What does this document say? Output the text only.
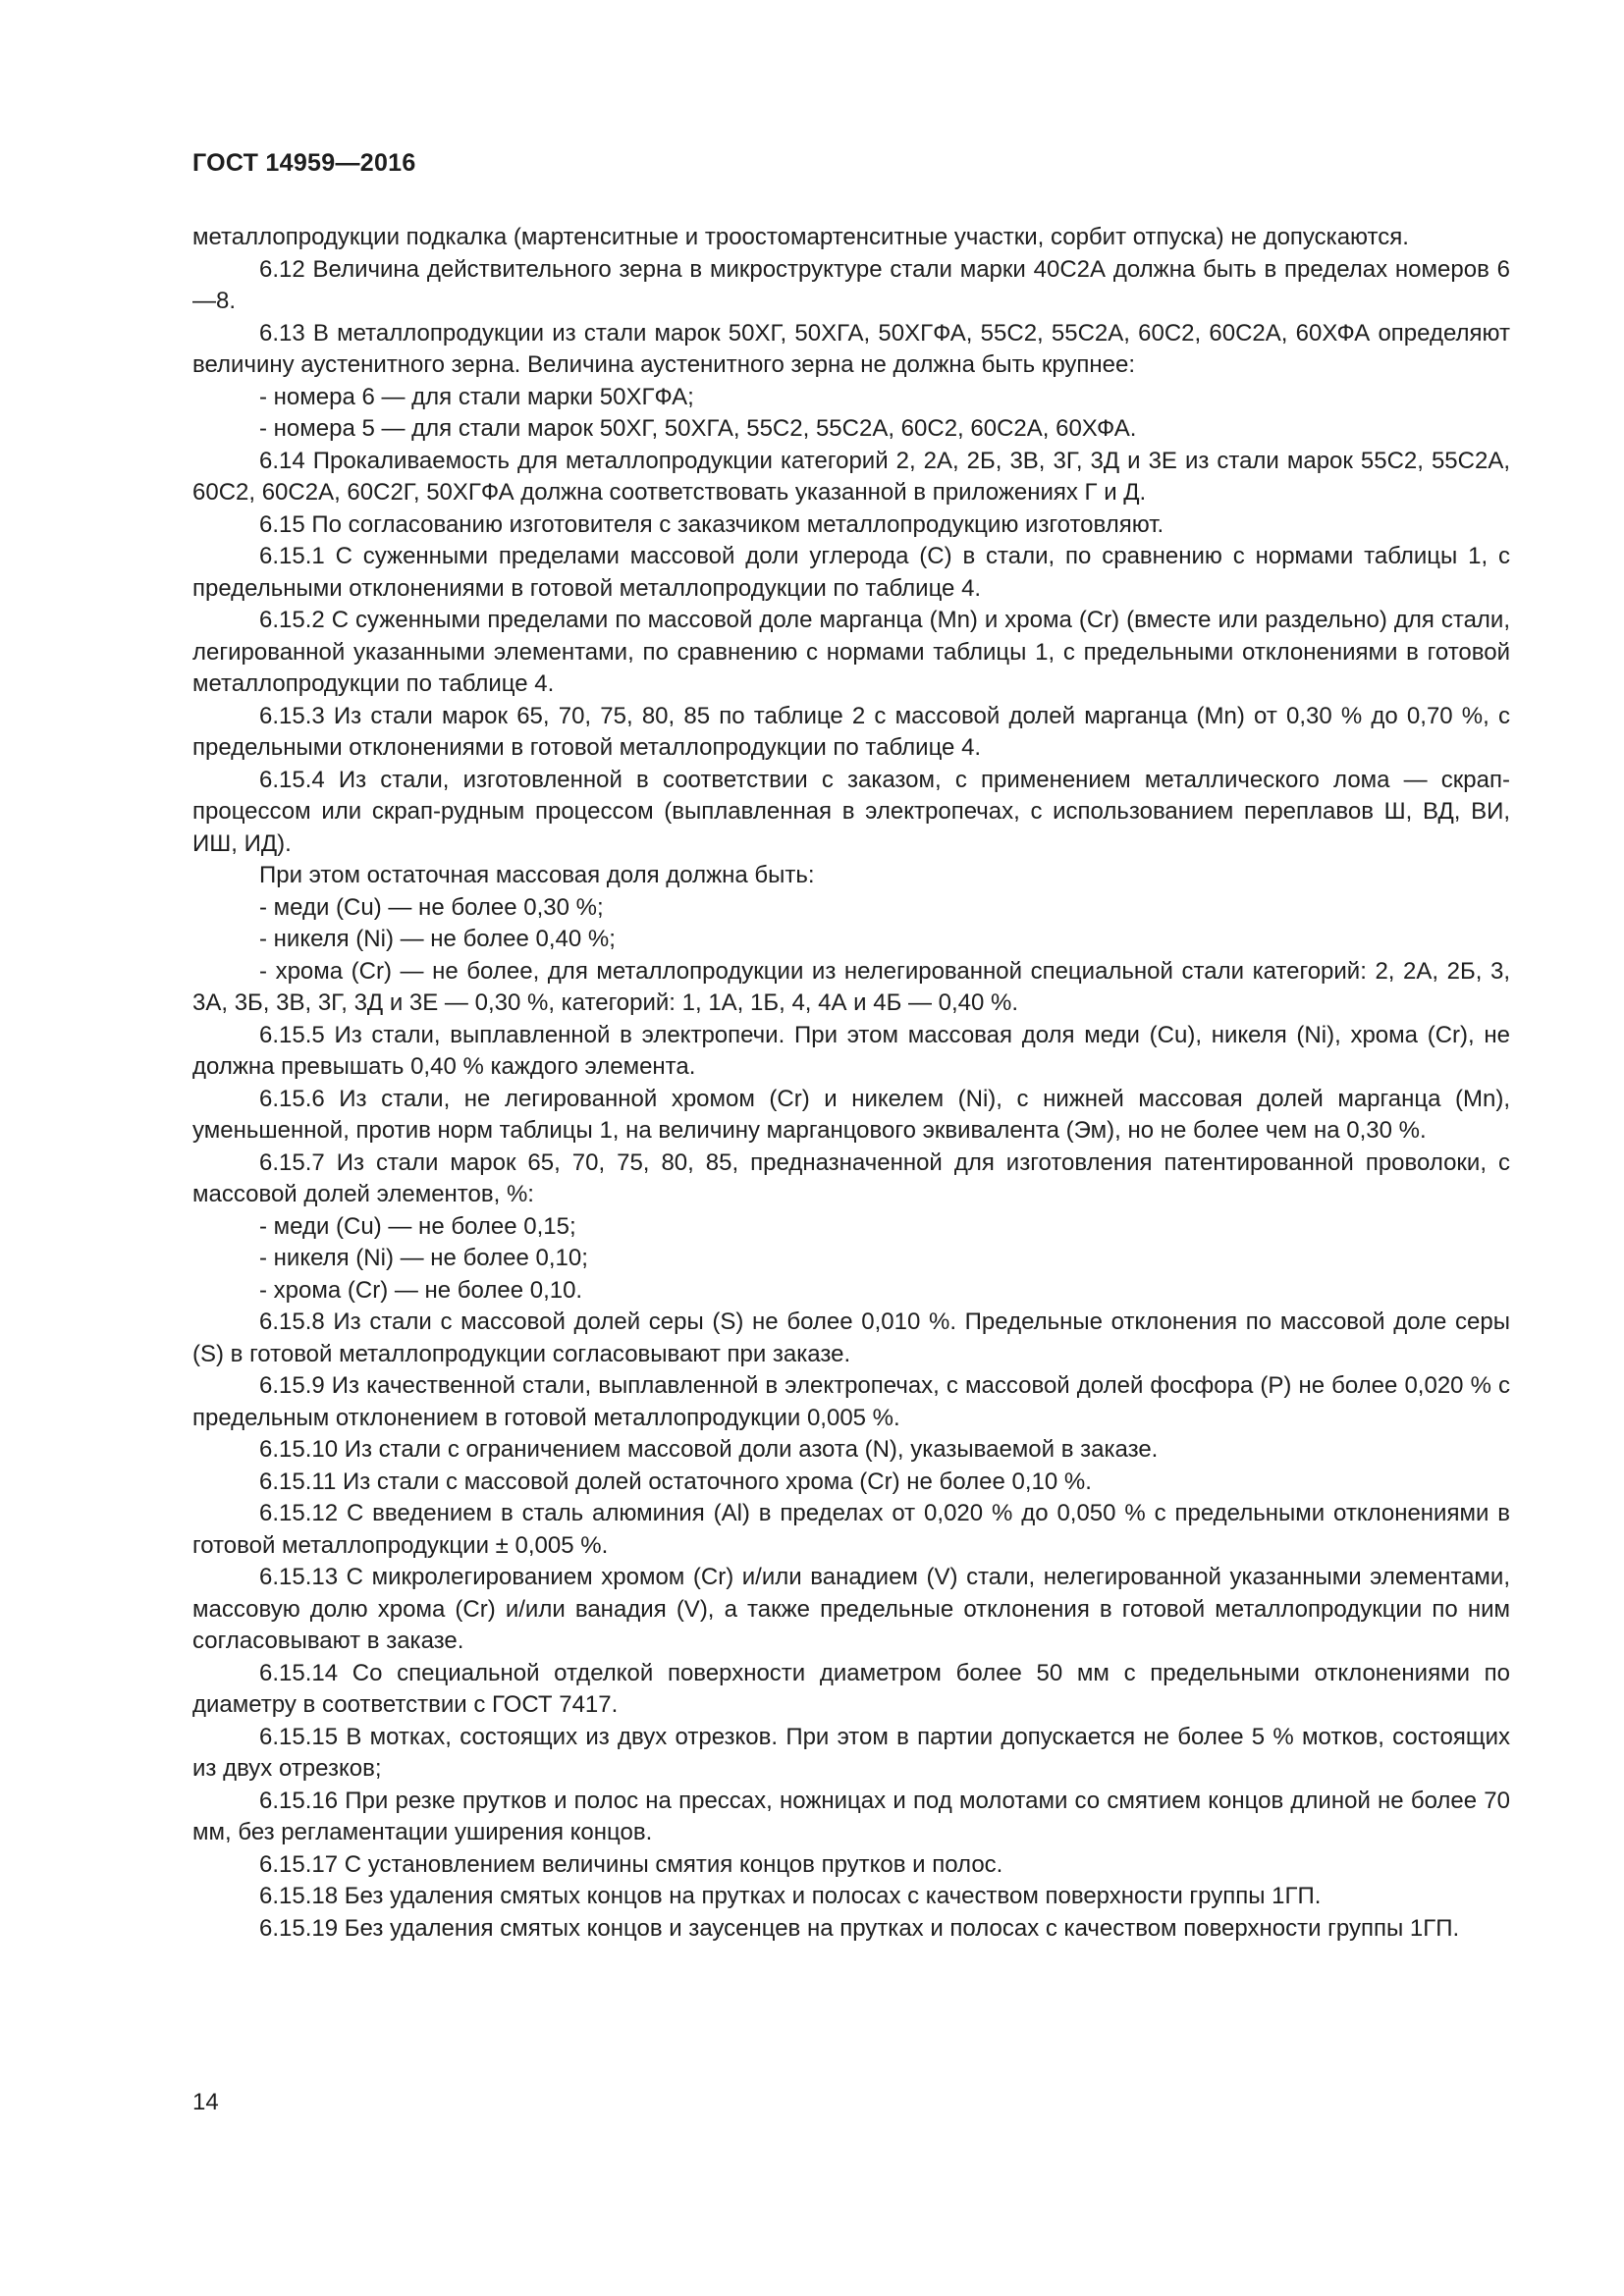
ГОСТ 14959—2016

металлопродукции подкалка (мартенситные и троостомартенситные участки, сорбит отпуска) не допускаются.

6.12 Величина действительного зерна в микроструктуре стали марки 40С2А должна быть в пределах номеров 6—8.

6.13 В металлопродукции из стали марок 50ХГ, 50ХГА, 50ХГФА, 55С2, 55С2А, 60С2, 60С2А, 60ХФА определяют величину аустенитного зерна. Величина аустенитного зерна не должна быть крупнее:

- номера 6 — для стали марки 50ХГФА;

- номера 5 — для стали марок 50ХГ, 50ХГА, 55С2, 55С2А, 60С2, 60С2А, 60ХФА.

6.14 Прокаливаемость для металлопродукции категорий 2, 2А, 2Б, 3В, 3Г, 3Д и 3Е из стали марок 55С2, 55С2А, 60С2, 60С2А, 60С2Г, 50ХГФА должна соответствовать указанной в приложениях Г и Д.

6.15 По согласованию изготовителя с заказчиком металлопродукцию изготовляют.

6.15.1 С суженными пределами массовой доли углерода (С) в стали, по сравнению с нормами таблицы 1, с предельными отклонениями в готовой металлопродукции по таблице 4.

6.15.2 С суженными пределами по массовой доле марганца (Mn) и хрома (Cr) (вместе или раздельно) для стали, легированной указанными элементами, по сравнению с нормами таблицы 1, с предельными отклонениями в готовой металлопродукции по таблице 4.

6.15.3 Из стали марок 65, 70, 75, 80, 85 по таблице 2 с массовой долей марганца (Mn) от 0,30 % до 0,70 %, с предельными отклонениями в готовой металлопродукции по таблице 4.

6.15.4 Из стали, изготовленной в соответствии с заказом, с применением металлического лома — скрап-процессом или скрап-рудным процессом (выплавленная в электропечах, с использованием переплавов Ш, ВД, ВИ, ИШ, ИД).

При этом остаточная массовая доля должна быть:

- меди (Cu) — не более 0,30 %;

- никеля (Ni) — не более 0,40 %;

- хрома (Cr) — не более, для металлопродукции из нелегированной специальной стали категорий: 2, 2А, 2Б, 3, 3А, 3Б, 3В, 3Г, 3Д и 3Е — 0,30 %, категорий: 1, 1А, 1Б, 4, 4А и 4Б — 0,40 %.

6.15.5 Из стали, выплавленной в электропечи. При этом массовая доля меди (Cu), никеля (Ni), хрома (Cr), не должна превышать 0,40 % каждого элемента.

6.15.6 Из стали, не легированной хромом (Cr) и никелем (Ni), с нижней массовая долей марганца (Mn), уменьшенной, против норм таблицы 1, на величину марганцового эквивалента (Эм), но не более чем на 0,30 %.

6.15.7 Из стали марок 65, 70, 75, 80, 85, предназначенной для изготовления патентированной проволоки, с массовой долей элементов, %:

- меди (Cu) — не более 0,15;

- никеля (Ni) — не более 0,10;

- хрома (Cr) — не более 0,10.

6.15.8 Из стали с массовой долей серы (S) не более 0,010 %. Предельные отклонения по массовой доле серы (S) в готовой металлопродукции согласовывают при заказе.

6.15.9 Из качественной стали, выплавленной в электропечах, с массовой долей фосфора (Р) не более 0,020 % с предельным отклонением в готовой металлопродукции 0,005 %.

6.15.10 Из стали с ограничением массовой доли азота (N), указываемой в заказе.

6.15.11 Из стали с массовой долей остаточного хрома (Cr) не более 0,10 %.

6.15.12 С введением в сталь алюминия (Al) в пределах от 0,020 % до 0,050 % с предельными отклонениями в готовой металлопродукции ± 0,005 %.

6.15.13 С микролегированием хромом (Cr) и/или ванадием (V) стали, нелегированной указанными элементами, массовую долю хрома (Cr) и/или ванадия (V), а также предельные отклонения в готовой металлопродукции по ним согласовывают в заказе.

6.15.14 Со специальной отделкой поверхности диаметром более 50 мм с предельными отклонениями по диаметру в соответствии с ГОСТ 7417.

6.15.15 В мотках, состоящих из двух отрезков. При этом в партии допускается не более 5 % мотков, состоящих из двух отрезков;

6.15.16 При резке прутков и полос на прессах, ножницах и под молотами со смятием концов длиной не более 70 мм, без регламентации уширения концов.

6.15.17 С установлением величины смятия концов прутков и полос.

6.15.18 Без удаления смятых концов на прутках и полосах с качеством поверхности группы 1ГП.

6.15.19 Без удаления смятых концов и заусенцев на прутках и полосах с качеством поверхности группы 1ГП.

14
